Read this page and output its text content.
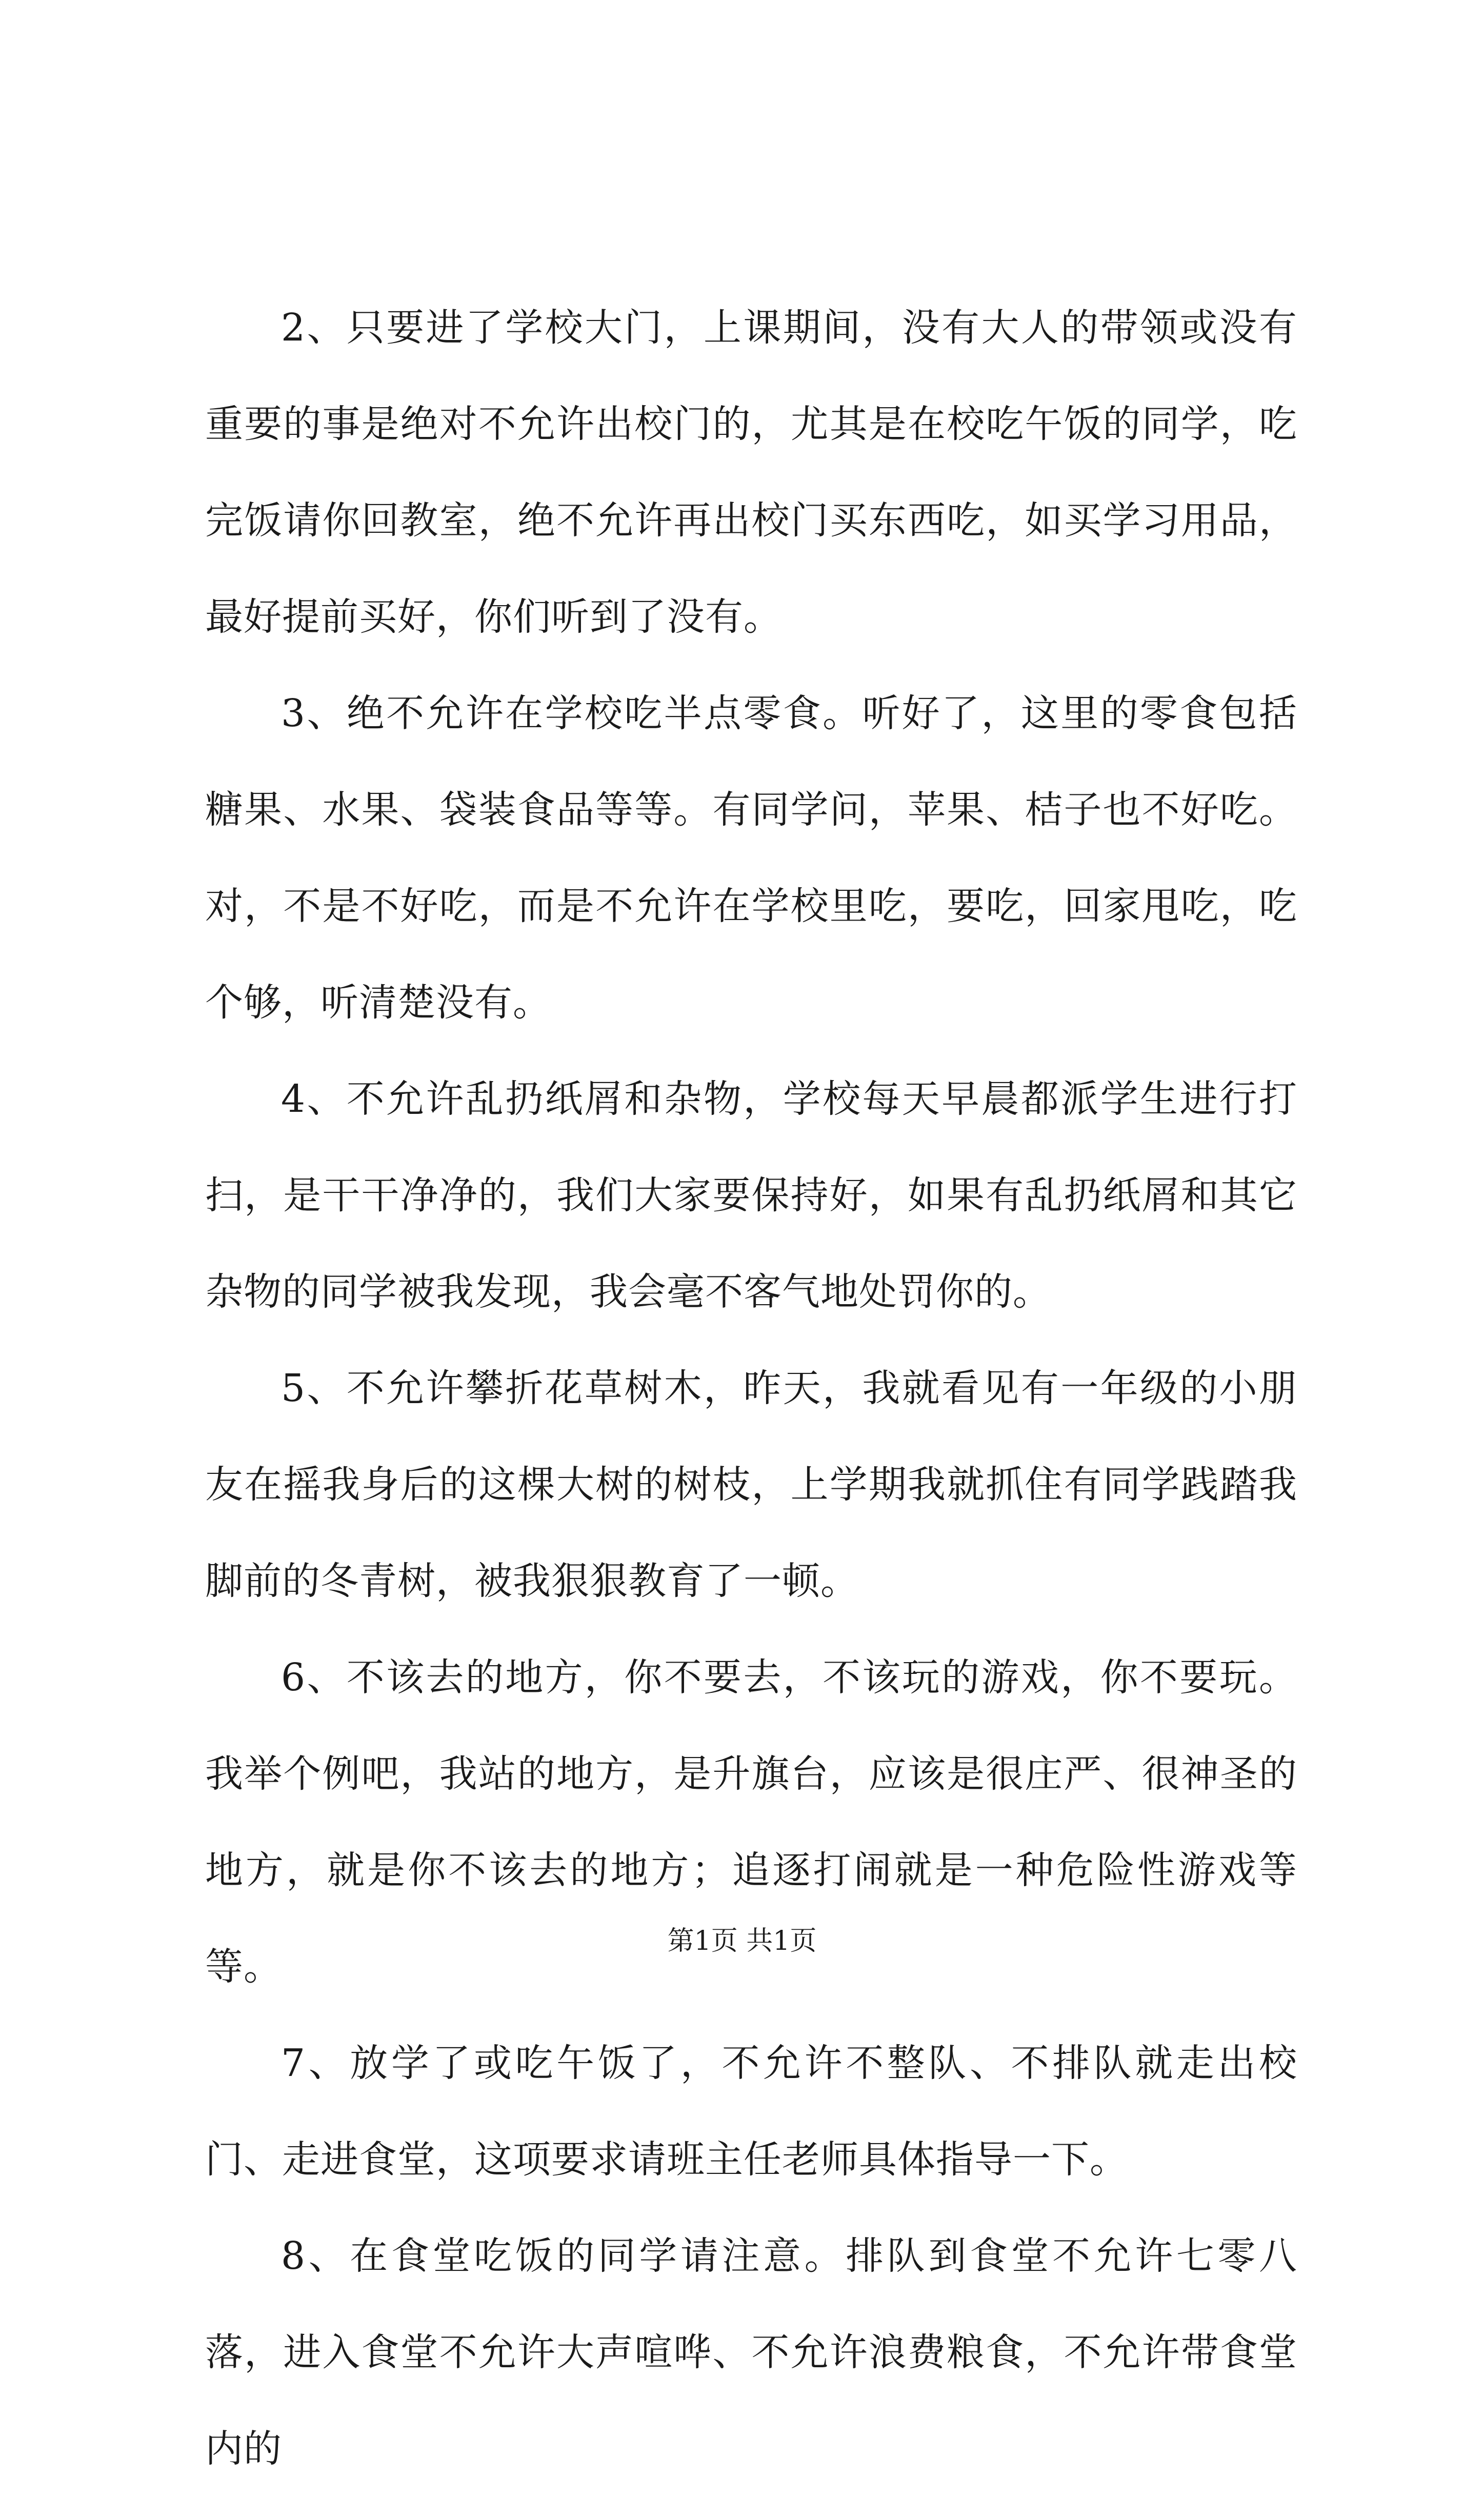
2、只要进了学校大门，上课期间，没有大人的带领或没有重要的事是绝对不允许出校门的，尤其是在校吃午饭的同学，吃完饭请你回教室，绝不允许再出校门买东西吃，如买学习用品，最好提前买好，你们听到了没有。

3、绝不允许在学校吃半点零食。听好了，这里的零食包括糖果、水果、袋装食品等等。有同学问，苹果、桔子也不好吃。对，不是不好吃，而是不允许在学校里吃，要吃，回家甩吃，吃个够，听清楚没有。

4、不允许乱扔纸屑和杂物，学校每天早晨都派学生进行打扫，是干干净净的，我们大家要保持好，如果有乱扔纸屑和其它杂物的同学被我发现，我会毫不客气地处罚你的。

5、不允许攀折花草树木，昨天，我就看见有一年级的小朋友在摇我身后的这棵大树的树枝，上学期我就抓住有同学践踏我脚前的冬青树，被我狠狠教育了一顿。

6、不该去的地方，你不要去，不该玩的游戏，你不要玩。我举个例吧，我站的地方，是升旗台，应该是很庄严、很神圣的地方，就是你不该去的地方；追逐打闹就是一种危险性游戏等等。

7、放学了或吃午饭了，不允许不整队、不排队就走出校门、走进食堂，这项要求请班主任老师具体指导一下。

8、在食堂吃饭的同学请注意。排队到食堂不允许七零八落，进入食堂不允许大声喧哗、不允许浪费粮食，不允许带食堂内的

第1页 共1页
